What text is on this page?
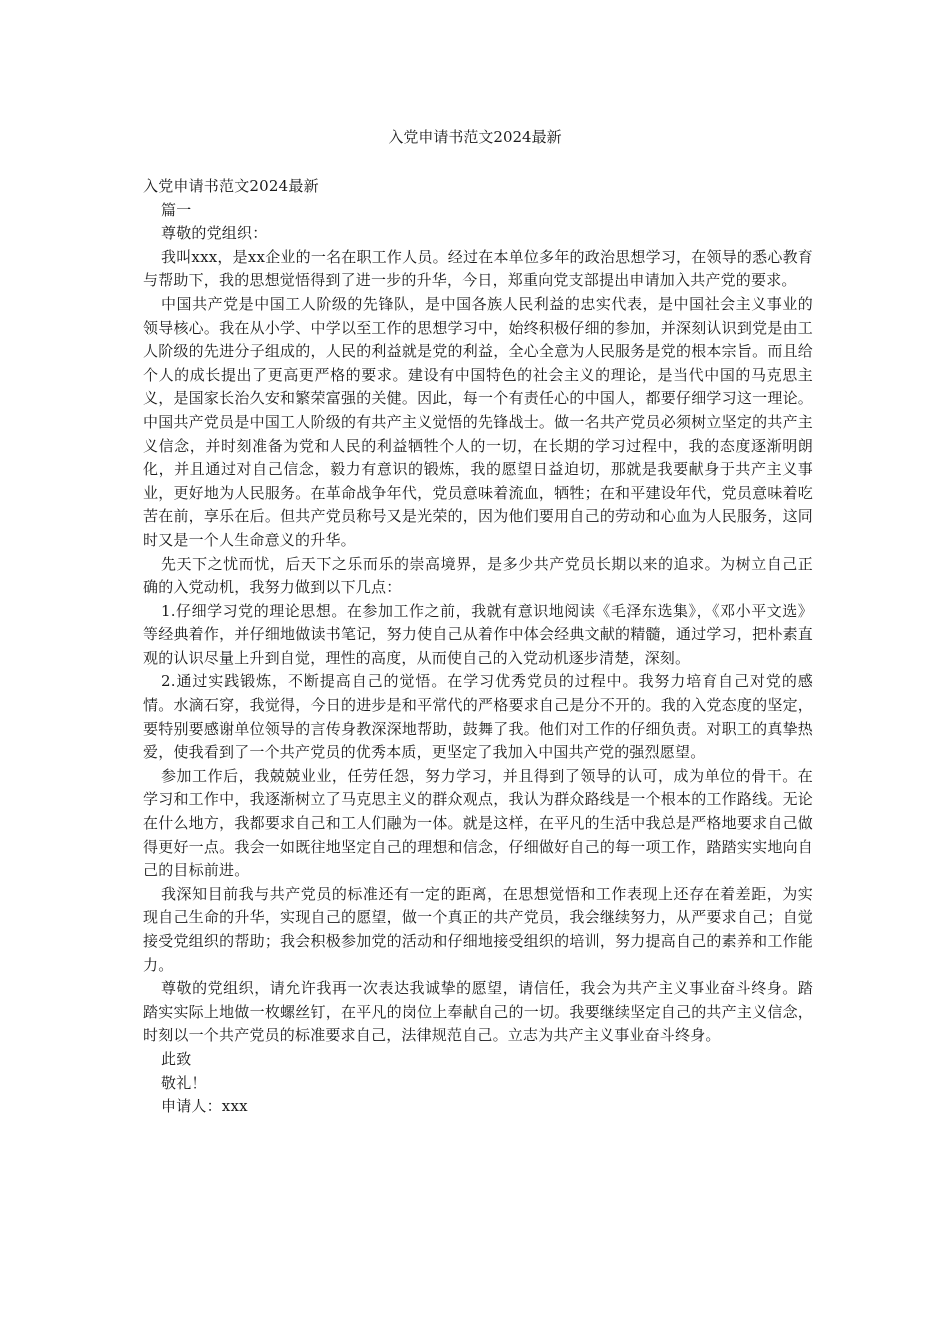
入党申请书范文2024最新

入党申请书范文2024最新

篇一

尊敬的党组织：

我叫xxx，是xx企业的一名在职工作人员。经过在本单位多年的政治思想学习，在领导的悉心教育与帮助下，我的思想觉悟得到了进一步的升华，今日，郑重向党支部提出申请加入共产党的要求。

中国共产党是中国工人阶级的先锋队，是中国各族人民利益的忠实代表，是中国社会主义事业的领导核心。我在从小学、中学以至工作的思想学习中，始终积极仔细的参加，并深刻认识到党是由工人阶级的先进分子组成的，人民的利益就是党的利益，全心全意为人民服务是党的根本宗旨。而且给个人的成长提出了更高更严格的要求。建设有中国特色的社会主义的理论，是当代中国的马克思主义，是国家长治久安和繁荣富强的关健。因此，每一个有责任心的中国人，都要仔细学习这一理论。中国共产党员是中国工人阶级的有共产主义觉悟的先锋战士。做一名共产党员必须树立坚定的共产主义信念，并时刻准备为党和人民的利益牺牲个人的一切，在长期的学习过程中，我的态度逐渐明朗化，并且通过对自己信念，毅力有意识的锻炼，我的愿望日益迫切，那就是我要献身于共产主义事业，更好地为人民服务。在革命战争年代，党员意味着流血，牺牲；在和平建设年代，党员意味着吃苦在前，享乐在后。但共产党员称号又是光荣的，因为他们要用自己的劳动和心血为人民服务，这同时又是一个人生命意义的升华。

先天下之忧而忧，后天下之乐而乐的崇高境界，是多少共产党员长期以来的追求。为树立自己正确的入党动机，我努力做到以下几点：

1.仔细学习党的理论思想。在参加工作之前，我就有意识地阅读《毛泽东选集》，《邓小平文选》等经典着作，并仔细地做读书笔记，努力使自己从着作中体会经典文献的精髓，通过学习，把朴素直观的认识尽量上升到自觉，理性的高度，从而使自己的入党动机逐步清楚，深刻。

2.通过实践锻炼，不断提高自己的觉悟。在学习优秀党员的过程中。我努力培育自己对党的感情。水滴石穿，我觉得，今日的进步是和平常代的严格要求自己是分不开的。我的入党态度的坚定，要特别要感谢单位领导的言传身教深深地帮助，鼓舞了我。他们对工作的仔细负责。对职工的真挚热爱，使我看到了一个共产党员的优秀本质，更坚定了我加入中国共产党的强烈愿望。

参加工作后，我兢兢业业，任劳任怨，努力学习，并且得到了领导的认可，成为单位的骨干。在学习和工作中，我逐渐树立了马克思主义的群众观点，我认为群众路线是一个根本的工作路线。无论在什么地方，我都要求自己和工人们融为一体。就是这样，在平凡的生活中我总是严格地要求自己做得更好一点。我会一如既往地坚定自己的理想和信念，仔细做好自己的每一项工作，踏踏实实地向自己的目标前进。

我深知目前我与共产党员的标准还有一定的距离，在思想觉悟和工作表现上还存在着差距，为实现自己生命的升华，实现自己的愿望，做一个真正的共产党员，我会继续努力，从严要求自己；自觉接受党组织的帮助；我会积极参加党的活动和仔细地接受组织的培训，努力提高自己的素养和工作能力。

尊敬的党组织，请允许我再一次表达我诚挚的愿望，请信任，我会为共产主义事业奋斗终身。踏踏实实际上地做一枚螺丝钉，在平凡的岗位上奉献自己的一切。我要继续坚定自己的共产主义信念，时刻以一个共产党员的标准要求自己，法律规范自己。立志为共产主义事业奋斗终身。

此致

敬礼！

申请人：xxx
